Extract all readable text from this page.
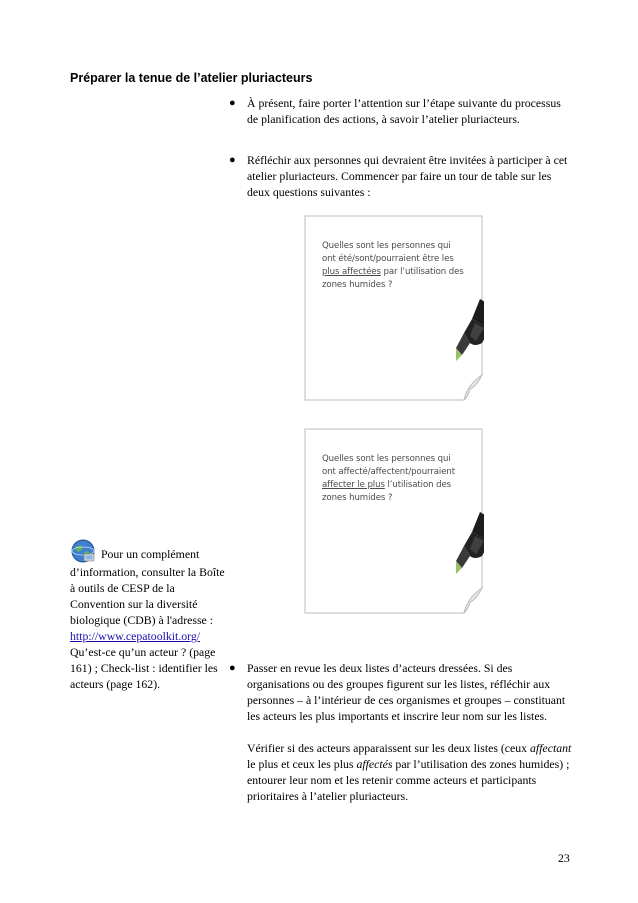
Préparer la tenue de l’atelier pluriacteurs

● À présent, faire porter l’attention sur l’étape suivante du processus de planification des actions, à savoir l’atelier pluriacteurs.
● Réfléchir aux personnes qui devraient être invitées à participer à cet atelier pluriacteurs. Commencer par faire un tour de table sur les deux questions suivantes :
Quelles sont les personnes qui
ont été/sont/pourraient être les
plus affectées par l’utilisation des
zones humides ?
Quelles sont les personnes qui
ont affecté/affectent/pourraient
affecter le plus l’utilisation des
zones humides ?
Pour un complément d’information, consulter la Boîte à outils de CESP de la Convention sur la diversité biologique (CDB) à l'adresse :
http://www.cepatoolkit.org/ Qu’est-ce qu’un acteur ? (page 161) ; Check-list : identifier les acteurs (page 162).
● Passer en revue les deux listes d’acteurs dressées. Si des organisations ou des groupes figurent sur les listes, réfléchir aux personnes – à l’intérieur de ces organismes et groupes – constituant les acteurs les plus importants et inscrire leur nom sur les listes.
Vérifier si des acteurs apparaissent sur les deux listes (ceux affectant le plus et ceux les plus affectés par l’utilisation des zones humides) ; entourer leur nom et les retenir comme acteurs et participants prioritaires à l’atelier pluriacteurs.

23
